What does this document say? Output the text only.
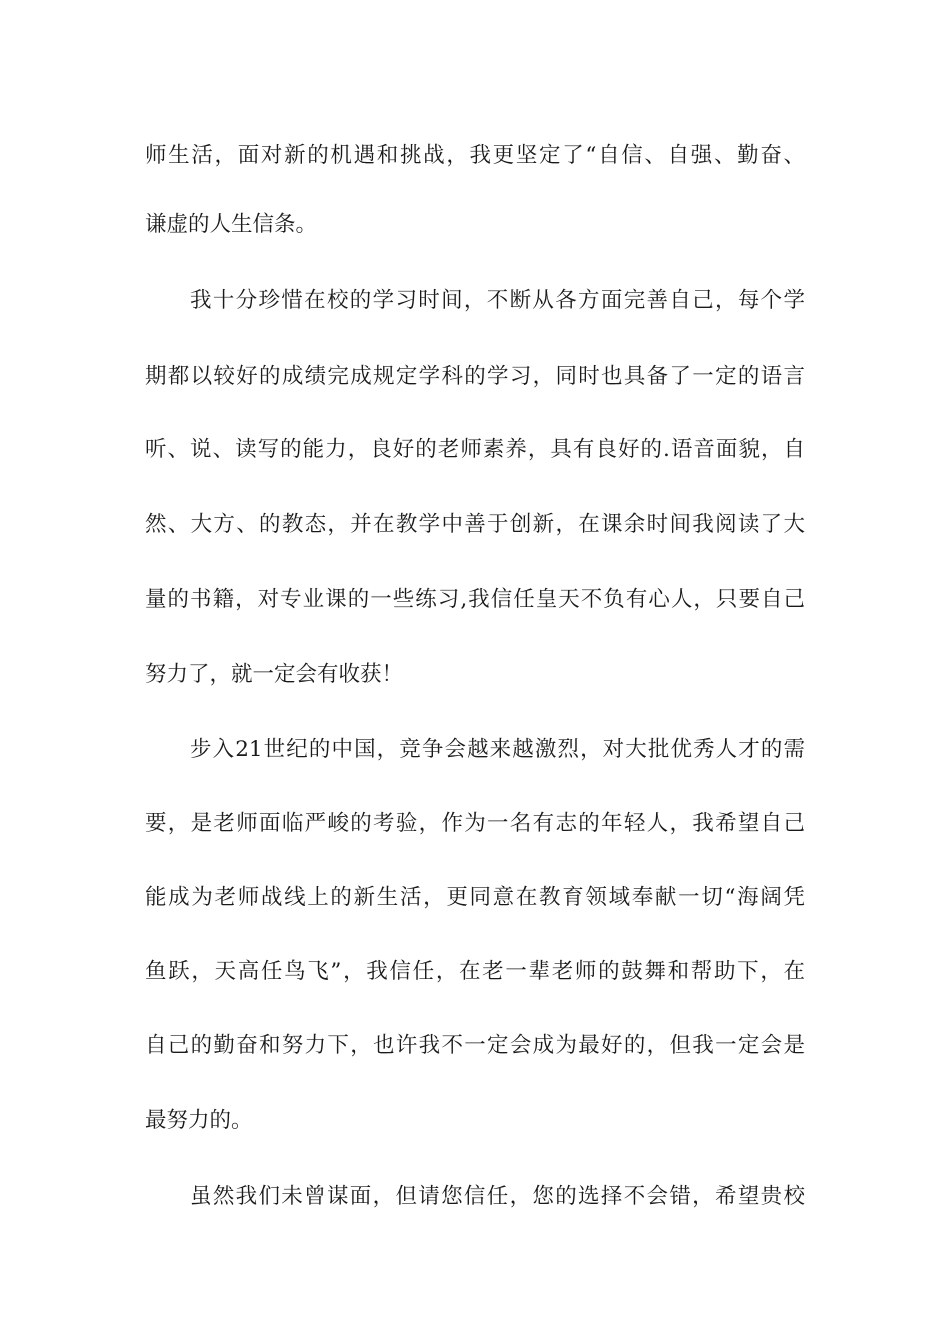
师生活，面对新的机遇和挑战，我更坚定了“自信、自强、勤奋、
谦虚的人生信条。
我十分珍惜在校的学习时间，不断从各方面完善自己，每个学
期都以较好的成绩完成规定学科的学习，同时也具备了一定的语言
听、说、读写的能力，良好的老师素养，具有良好的.语音面貌，自
然、大方、的教态，并在教学中善于创新，在课余时间我阅读了大
量的书籍，对专业课的一些练习,我信任皇天不负有心人，只要自己
努力了，就一定会有收获！
步入21世纪的中国，竞争会越来越激烈，对大批优秀人才的需
要，是老师面临严峻的考验，作为一名有志的年轻人，我希望自己
能成为老师战线上的新生活，更同意在教育领域奉献一切“海阔凭
鱼跃，天高任鸟飞”，我信任，在老一辈老师的鼓舞和帮助下，在
自己的勤奋和努力下，也许我不一定会成为最好的，但我一定会是
最努力的。
虽然我们未曾谋面，但请您信任，您的选择不会错，希望贵校
